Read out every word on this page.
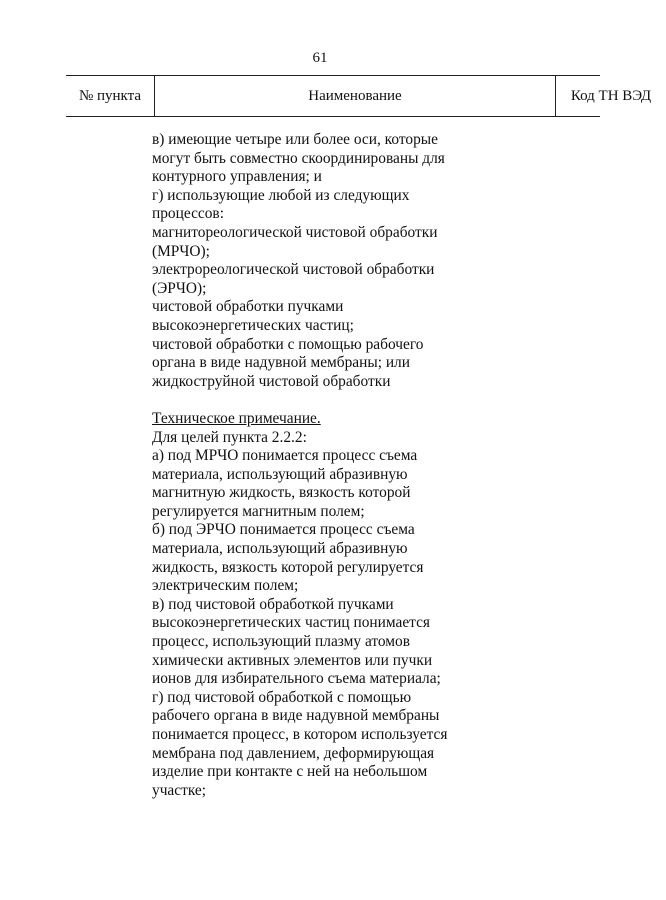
61
№ пункта	Наименование	Код ТН ВЭД
в) имеющие четыре или более оси, которые
могут быть совместно скоординированы для
контурного управления; и
г) использующие любой из следующих
процессов:
магнитореологической чистовой обработки
(МРЧО);
электрореологической чистовой обработки
(ЭРЧО);
чистовой обработки пучками
высокоэнергетических частиц;
чистовой обработки с помощью рабочего
органа в виде надувной мембраны; или
жидкоструйной чистовой обработки
Техническое примечание.
Для целей пункта 2.2.2:
а) под МРЧО понимается процесс съема
материала, использующий абразивную
магнитную жидкость, вязкость которой
регулируется магнитным полем;
б) под ЭРЧО понимается процесс съема
материала, использующий абразивную
жидкость, вязкость которой регулируется
электрическим полем;
в) под чистовой обработкой пучками
высокоэнергетических частиц понимается
процесс, использующий плазму атомов
химически активных элементов или пучки
ионов для избирательного съема материала;
г) под чистовой обработкой с помощью
рабочего органа в виде надувной мембраны
понимается процесс, в котором используется
мембрана под давлением, деформирующая
изделие при контакте с ней на небольшом
участке;
